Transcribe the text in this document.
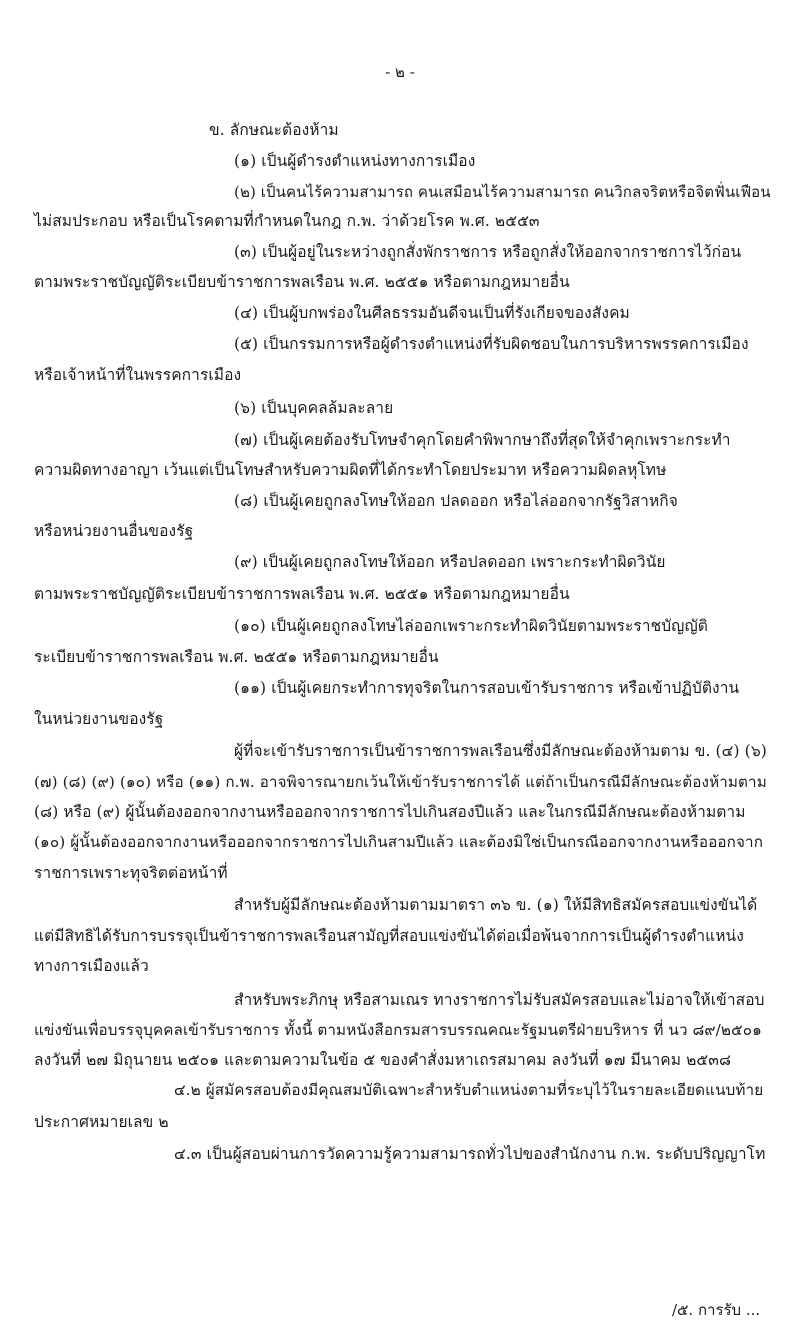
- ๒ -
ข. ลักษณะต้องห้าม
(๑) เป็นผู้ดำรงตำแหน่งทางการเมือง
(๒) เป็นคนไร้ความสามารถ คนเสมือนไร้ความสามารถ คนวิกลจริตหรือจิตฟั่นเฟือน
ไม่สมประกอบ หรือเป็นโรคตามที่กำหนดในกฎ ก.พ. ว่าด้วยโรค พ.ศ. ๒๕๕๓
(๓) เป็นผู้อยู่ในระหว่างถูกสั่งพักราชการ หรือถูกสั่งให้ออกจากราชการไว้ก่อน
ตามพระราชบัญญัติระเบียบข้าราชการพลเรือน พ.ศ. ๒๕๕๑ หรือตามกฎหมายอื่น
(๔) เป็นผู้บกพร่องในศีลธรรมอันดีจนเป็นที่รังเกียจของสังคม
(๕) เป็นกรรมการหรือผู้ดำรงตำแหน่งที่รับผิดชอบในการบริหารพรรคการเมือง
หรือเจ้าหน้าที่ในพรรคการเมือง
(๖) เป็นบุคคลล้มละลาย
(๗) เป็นผู้เคยต้องรับโทษจำคุกโดยคำพิพากษาถึงที่สุดให้จำคุกเพราะกระทำ
ความผิดทางอาญา เว้นแต่เป็นโทษสำหรับความผิดที่ได้กระทำโดยประมาท หรือความผิดลหุโทษ
(๘) เป็นผู้เคยถูกลงโทษให้ออก ปลดออก หรือไล่ออกจากรัฐวิสาหกิจ
หรือหน่วยงานอื่นของรัฐ
(๙) เป็นผู้เคยถูกลงโทษให้ออก หรือปลดออก เพราะกระทำผิดวินัย
ตามพระราชบัญญัติระเบียบข้าราชการพลเรือน พ.ศ. ๒๕๕๑ หรือตามกฎหมายอื่น
(๑๐) เป็นผู้เคยถูกลงโทษไล่ออกเพราะกระทำผิดวินัยตามพระราชบัญญัติ
ระเบียบข้าราชการพลเรือน พ.ศ. ๒๕๕๑ หรือตามกฎหมายอื่น
(๑๑) เป็นผู้เคยกระทำการทุจริตในการสอบเข้ารับราชการ หรือเข้าปฏิบัติงาน
ในหน่วยงานของรัฐ
ผู้ที่จะเข้ารับราชการเป็นข้าราชการพลเรือนซึ่งมีลักษณะต้องห้ามตาม ข. (๔) (๖)
(๗) (๘) (๙) (๑๐) หรือ (๑๑) ก.พ. อาจพิจารณายกเว้นให้เข้ารับราชการได้ แต่ถ้าเป็นกรณีมีลักษณะต้องห้ามตาม
(๘) หรือ (๙) ผู้นั้นต้องออกจากงานหรือออกจากราชการไปเกินสองปีแล้ว และในกรณีมีลักษณะต้องห้ามตาม
(๑๐) ผู้นั้นต้องออกจากงานหรือออกจากราชการไปเกินสามปีแล้ว และต้องมิใช่เป็นกรณีออกจากงานหรือออกจาก
ราชการเพราะทุจริตต่อหน้าที่
สำหรับผู้มีลักษณะต้องห้ามตามมาตรา ๓๖ ข. (๑) ให้มีสิทธิสมัครสอบแข่งขันได้
แต่มีสิทธิได้รับการบรรจุเป็นข้าราชการพลเรือนสามัญที่สอบแข่งขันได้ต่อเมื่อพ้นจากการเป็นผู้ดำรงตำแหน่ง
ทางการเมืองแล้ว
สำหรับพระภิกษุ หรือสามเณร ทางราชการไม่รับสมัครสอบและไม่อาจให้เข้าสอบ
แข่งขันเพื่อบรรจุบุคคลเข้ารับราชการ ทั้งนี้ ตามหนังสือกรมสารบรรณคณะรัฐมนตรีฝ่ายบริหาร ที่ นว ๘๙/๒๕๐๑
ลงวันที่ ๒๗ มิถุนายน ๒๕๐๑ และตามความในข้อ ๕ ของคำสั่งมหาเถรสมาคม ลงวันที่ ๑๗ มีนาคม ๒๕๓๘
๔.๒ ผู้สมัครสอบต้องมีคุณสมบัติเฉพาะสำหรับตำแหน่งตามที่ระบุไว้ในรายละเอียดแนบท้าย
ประกาศหมายเลข ๒
๔.๓ เป็นผู้สอบผ่านการวัดความรู้ความสามารถทั่วไปของสำนักงาน ก.พ. ระดับปริญญาโท
/๕. การรับ ...
